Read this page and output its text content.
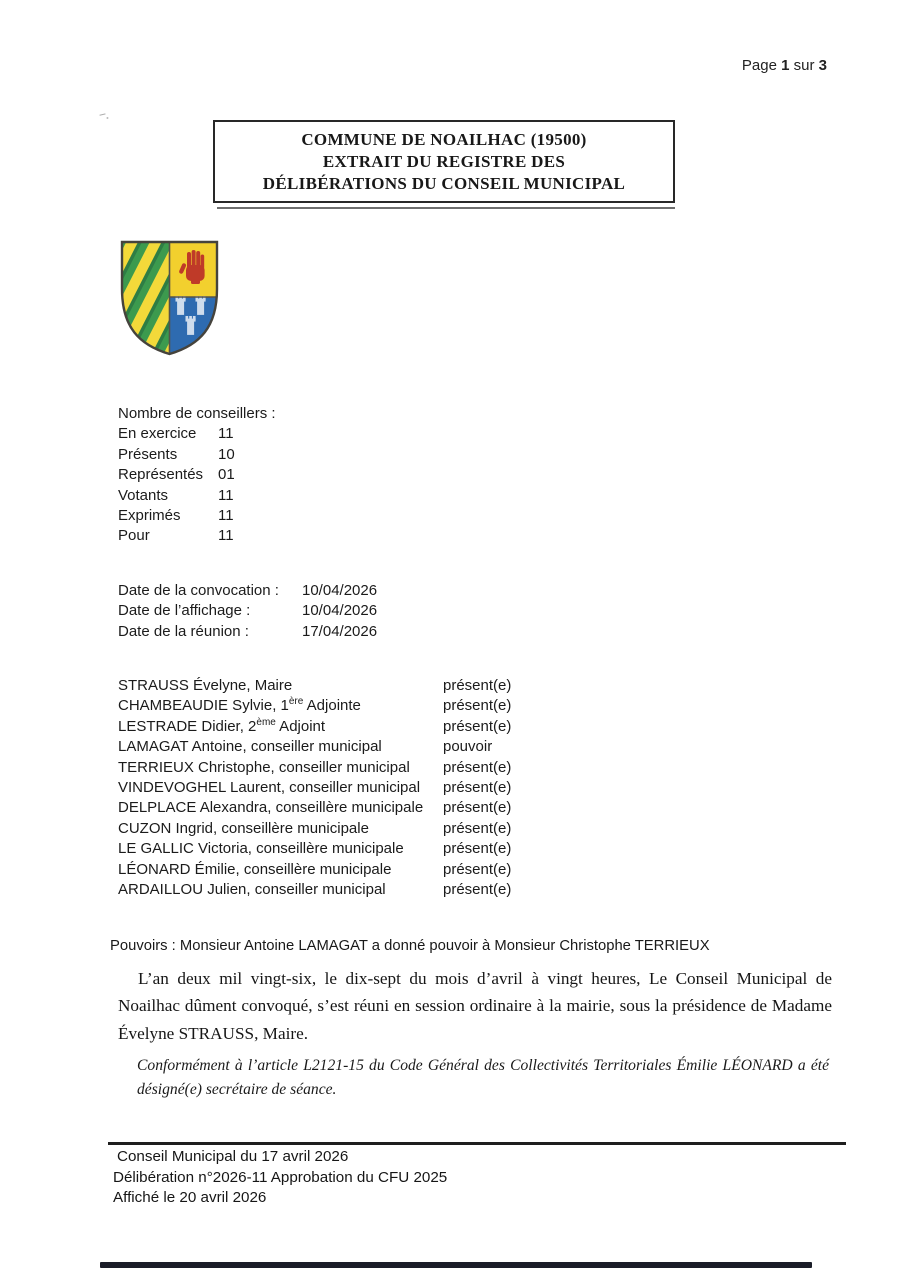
Page 1 sur 3
COMMUNE DE NOAILHAC (19500)
EXTRAIT DU REGISTRE DES
DÉLIBÉRATIONS DU CONSEIL MUNICIPAL
Nombre de conseillers :
En exercice 11
Présents	10
Représentés 01
Votants	11
Exprimés 11
Pour	11
Date de la convocation : 10/04/2026
Date de l’affichage :	10/04/2026
Date de la réunion :	17/04/2026
STRAUSS Évelyne, Maire	présent(e)
CHAMBEAUDIE Sylvie, 1ère Adjointe	présent(e)
LESTRADE Didier, 2ème Adjoint	présent(e)
LAMAGAT Antoine, conseiller municipal	pouvoir
TERRIEUX Christophe, conseiller municipal présent(e)
VINDEVOGHEL Laurent, conseiller municipal présent(e)
DELPLACE Alexandra, conseillère municipale présent(e)
CUZON Ingrid, conseillère municipale	présent(e)
LE GALLIC Victoria, conseillère municipale	présent(e)
LÉONARD Émilie, conseillère municipale	présent(e)
ARDAILLOU Julien, conseiller municipal	présent(e)
Pouvoirs : Monsieur Antoine LAMAGAT a donné pouvoir à Monsieur Christophe TERRIEUX
L’an deux mil vingt-six, le dix-sept du mois d’avril à vingt heures, Le Conseil Municipal de Noailhac dûment convoqué, s’est réuni en session ordinaire à la mairie, sous la présidence de Madame Évelyne STRAUSS, Maire.
Conformément à l’article L2121-15 du Code Général des Collectivités Territoriales Émilie LÉONARD a été désigné(e) secrétaire de séance.
Conseil Municipal du 17 avril 2026
Délibération n°2026-11 Approbation du CFU 2025
Affiché le 20 avril 2026
